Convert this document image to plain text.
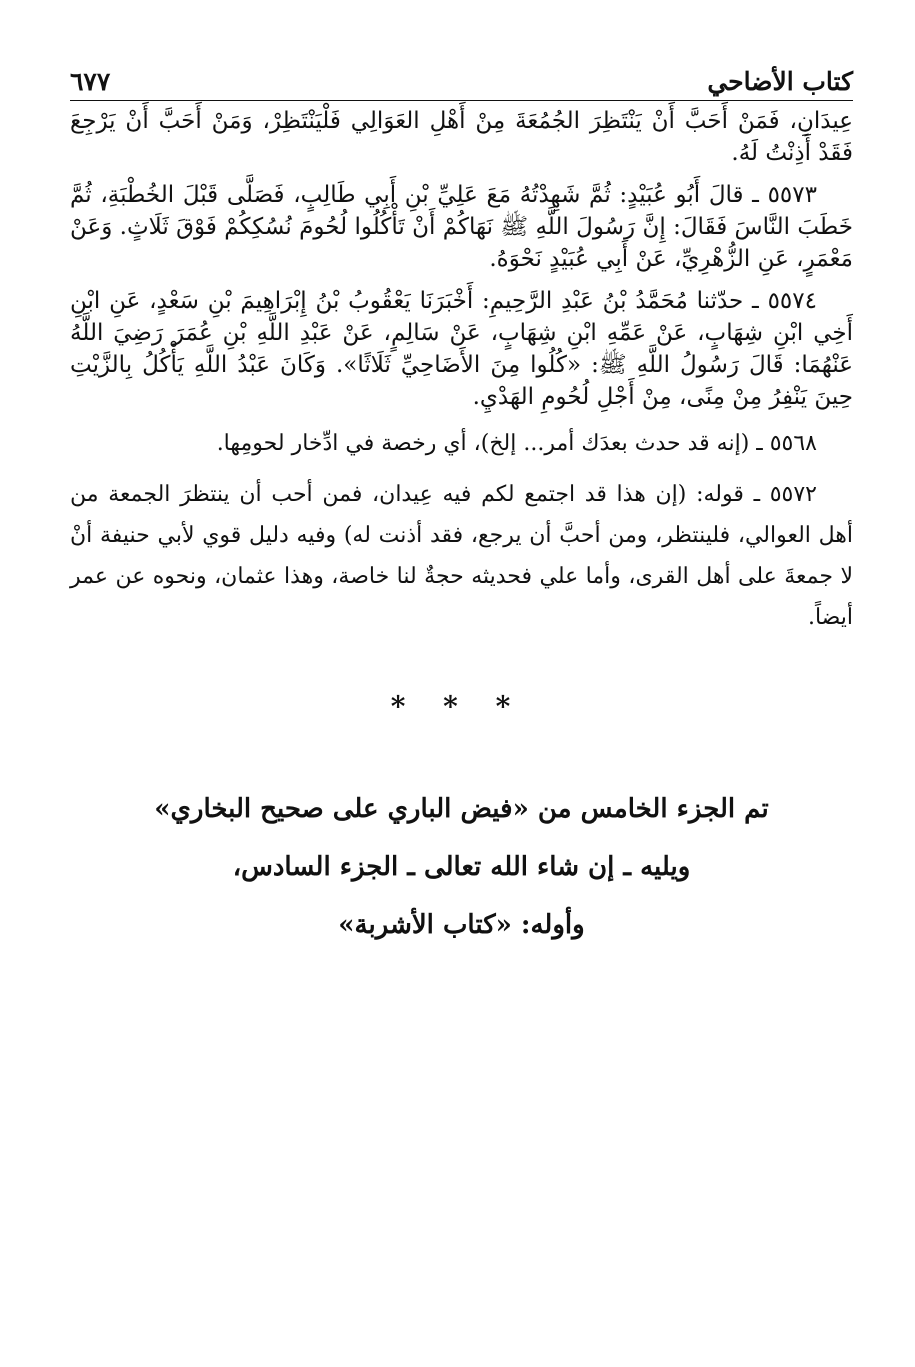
كتاب الأضاحي
٦٧٧

عِيدَانِ، فَمَنْ أَحَبَّ أَنْ يَنْتَظِرَ الجُمُعَةَ مِنْ أَهْلِ العَوَالِي فَلْيَنْتَظِرْ، وَمَنْ أَحَبَّ أَنْ يَرْجِعَ فَقَدْ أَذِنْتُ لَهُ.

٥٥٧٣ ـ قالَ أَبُو عُبَيْدٍ: ثُمَّ شَهِدْتُهُ مَعَ عَلِيِّ بْنِ أَبِي طَالِبٍ، فَصَلَّى قَبْلَ الخُطْبَةِ، ثُمَّ خَطَبَ النَّاسَ فَقَالَ: إِنَّ رَسُولَ اللَّهِ ﷺ نَهَاكُمْ أَنْ تَأْكُلُوا لُحُومَ نُسُكِكُمْ فَوْقَ ثَلَاثٍ. وَعَنْ مَعْمَرٍ، عَنِ الزُّهْرِيِّ، عَنْ أَبِي عُبَيْدٍ نَحْوَهُ.

٥٥٧٤ ـ حدّثنا مُحَمَّدُ بْنُ عَبْدِ الرَّحِيمِ: أَخْبَرَنَا يَعْقُوبُ بْنُ إِبْرَاهِيمَ بْنِ سَعْدٍ، عَنِ ابْنِ أَخِي ابْنِ شِهَابٍ، عَنْ عَمِّهِ ابْنِ شِهَابٍ، عَنْ سَالِمٍ، عَنْ عَبْدِ اللَّهِ بْنِ عُمَرَ رَضِيَ اللَّهُ عَنْهُمَا: قَالَ رَسُولُ اللَّهِ ﷺ: «كُلُوا مِنَ الأَضَاحِيِّ ثَلَاثًا». وَكَانَ عَبْدُ اللَّهِ يَأْكُلُ بِالزَّيْتِ حِينَ يَنْفِرُ مِنْ مِنًى، مِنْ أَجْلِ لُحُومِ الهَدْيِ.

٥٥٦٨ ـ (إنه قد حدث بعدَك أمر... إلخ)، أي رخصة في ادِّخار لحومِها.

٥٥٧٢ ـ قوله: (إن هذا قد اجتمع لكم فيه عِيدان، فمن أحب أن ينتظرَ الجمعة من أهل العوالي، فلينتظر، ومن أحبَّ أن يرجع، فقد أذنت له) وفيه دليل قوي لأبي حنيفة أنْ لا جمعةَ على أهل القرى، وأما علي فحديثه حجةٌ لنا خاصة، وهذا عثمان، ونحوه عن عمر أيضاً.

* * *

تم الجزء الخامس من «فيض الباري على صحيح البخاري»

ويليه ـ إن شاء الله تعالى ـ الجزء السادس،

وأوله: «كتاب الأشربة»
